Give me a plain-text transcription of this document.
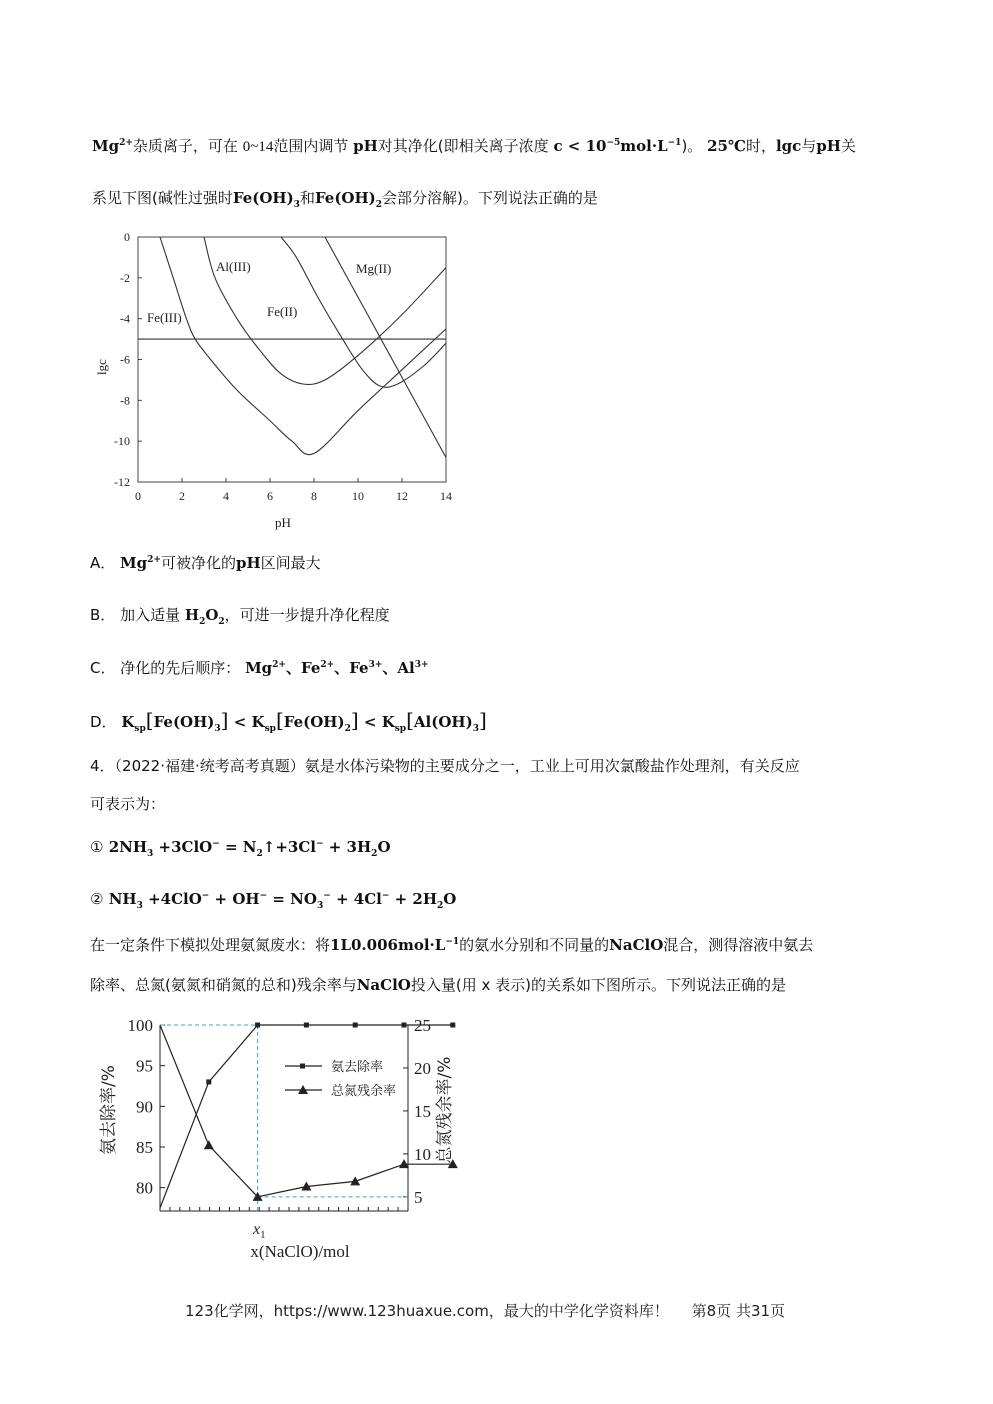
$Mg^{2+}$杂质离子，可在 0~14范围内调节 pH对其净化(即相关离子浓度 $c < 10^{-5}mol\cdot L^{-1}$)。 25℃时，lgc与pH关
系见下图(碱性过强时$Fe(OH)_3$和$Fe(OH)_2$会部分溶解)。下列说法正确的是
0	2	4	6	8	10	12	14
0
-2
-4
-6
-8
-10
-12
Al(III)	Mg(II)
Fe(III)	Fe(II)
lgc
pH
A． $Mg^{2+}$可被净化的pH区间最大
B． 加入适量 $H_2O_2$，可进一步提升净化程度
C． 净化的先后顺序： $Mg^{2+}$、$Fe^{2+}$、$Fe^{3+}$、$Al^{3+}$
D． $K_{sp}[Fe(OH)_3] < K_{sp}[Fe(OH)_2] < K_{sp}[Al(OH)_3]$
4．（2022·福建·统考高考真题）氨是水体污染物的主要成分之一，工业上可用次氯酸盐作处理剂，有关反应
可表示为：
① $2NH_3 +3ClO^-$ = $N_2↑+3Cl^- + 3H_2O$
② $NH_3 +4ClO^- + OH^- = NO_3^- + 4Cl^- + 2H_2O$
在一定条件下模拟处理氨氮废水：将$1L0.006mol\cdot L^{-1}$的氨水分别和不同量的NaClO混合，测得溶液中氨去
除率、总氮(氨氮和硝氮的总和)残余率与NaClO投入量(用 x 表示)的关系如下图所示。下列说法正确的是
100
95
90
85
80
25
20
15
10
5
氨去除率/%	总氮残余率/%
x(NaClO)/mol
$x_1$
氨去除率
总氮残余率
123化学网，https://www.123huaxue.com，最大的中学化学资料库！ 第8页 共31页
